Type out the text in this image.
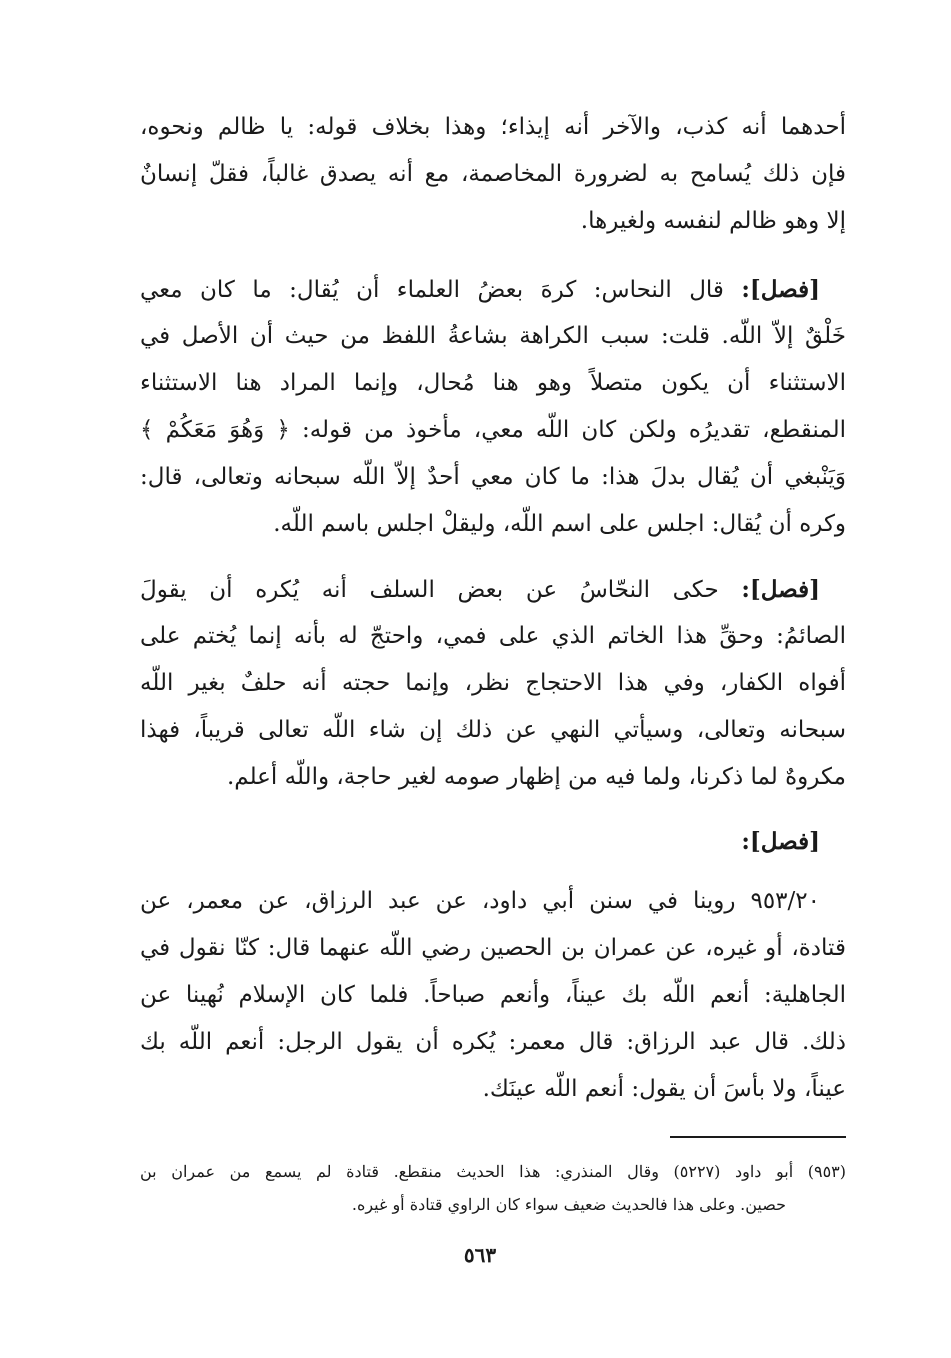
أحدهما أنه كذب، والآخر أنه إيذاء؛ وهذا بخلاف قوله: يا ظالم ونحوه،
فإن ذلك يُسامح به لضرورة المخاصمة، مع أنه يصدق غالباً، فقلّ إنسانٌ
إلا وهو ظالم لنفسه ولغيرها.
[فصل]: قال النحاس: كرهَ بعضُ العلماء أن يُقال: ما كان معي
خَلْقٌ إلاّ اللّه. قلت: سبب الكراهة بشاعةُ اللفظ من حيث أن الأصل في
الاستثناء أن يكون متصلاً وهو هنا مُحال، وإنما المراد هنا الاستثناء
المنقطع، تقديرُه ولكن كان اللّه معي، مأخوذ من قوله: ﴿ وَهُوَ مَعَكُمْ ﴾
وَيَنْبغي أن يُقال بدلَ هذا: ما كان معي أحدٌ إلاّ اللّه سبحانه وتعالى، قال:
وكره أن يُقال: اجلس على اسم اللّه، وليقلْ اجلس باسم اللّه.
[فصل]: حكى النحّاسُ عن بعض السلف أنه يُكره أن يقولَ
الصائمُ: وحقِّ هذا الخاتم الذي على فمي، واحتجّ له بأنه إنما يُختم على
أفواه الكفار، وفي هذا الاحتجاج نظر، وإنما حجته أنه حلفٌ بغير اللّه
سبحانه وتعالى، وسيأتي النهي عن ذلك إن شاء اللّه تعالى قريباً، فهذا
مكروهٌ لما ذكرنا، ولما فيه من إظهار صومه لغير حاجة، واللّه أعلم.
[فصل]:
٩٥٣/٢٠ روينا في سنن أبي داود، عن عبد الرزاق، عن معمر، عن
قتادة، أو غيره، عن عمران بن الحصين رضي اللّه عنهما قال: كنّا نقول في
الجاهلية: أنعم اللّه بك عيناً، وأنعم صباحاً. فلما كان الإسلام نُهينا عن
ذلك. قال عبد الرزاق: قال معمر: يُكره أن يقول الرجل: أنعم اللّه بك
عيناً، ولا بأسَ أن يقول: أنعم اللّه عينَك.
(٩٥٣) أبو داود (٥٢٢٧) وقال المنذري: هذا الحديث منقطع. قتادة لم يسمع من عمران بن
حصين. وعلى هذا فالحديث ضعيف سواء كان الراوي قتادة أو غيره.
٥٦٣
